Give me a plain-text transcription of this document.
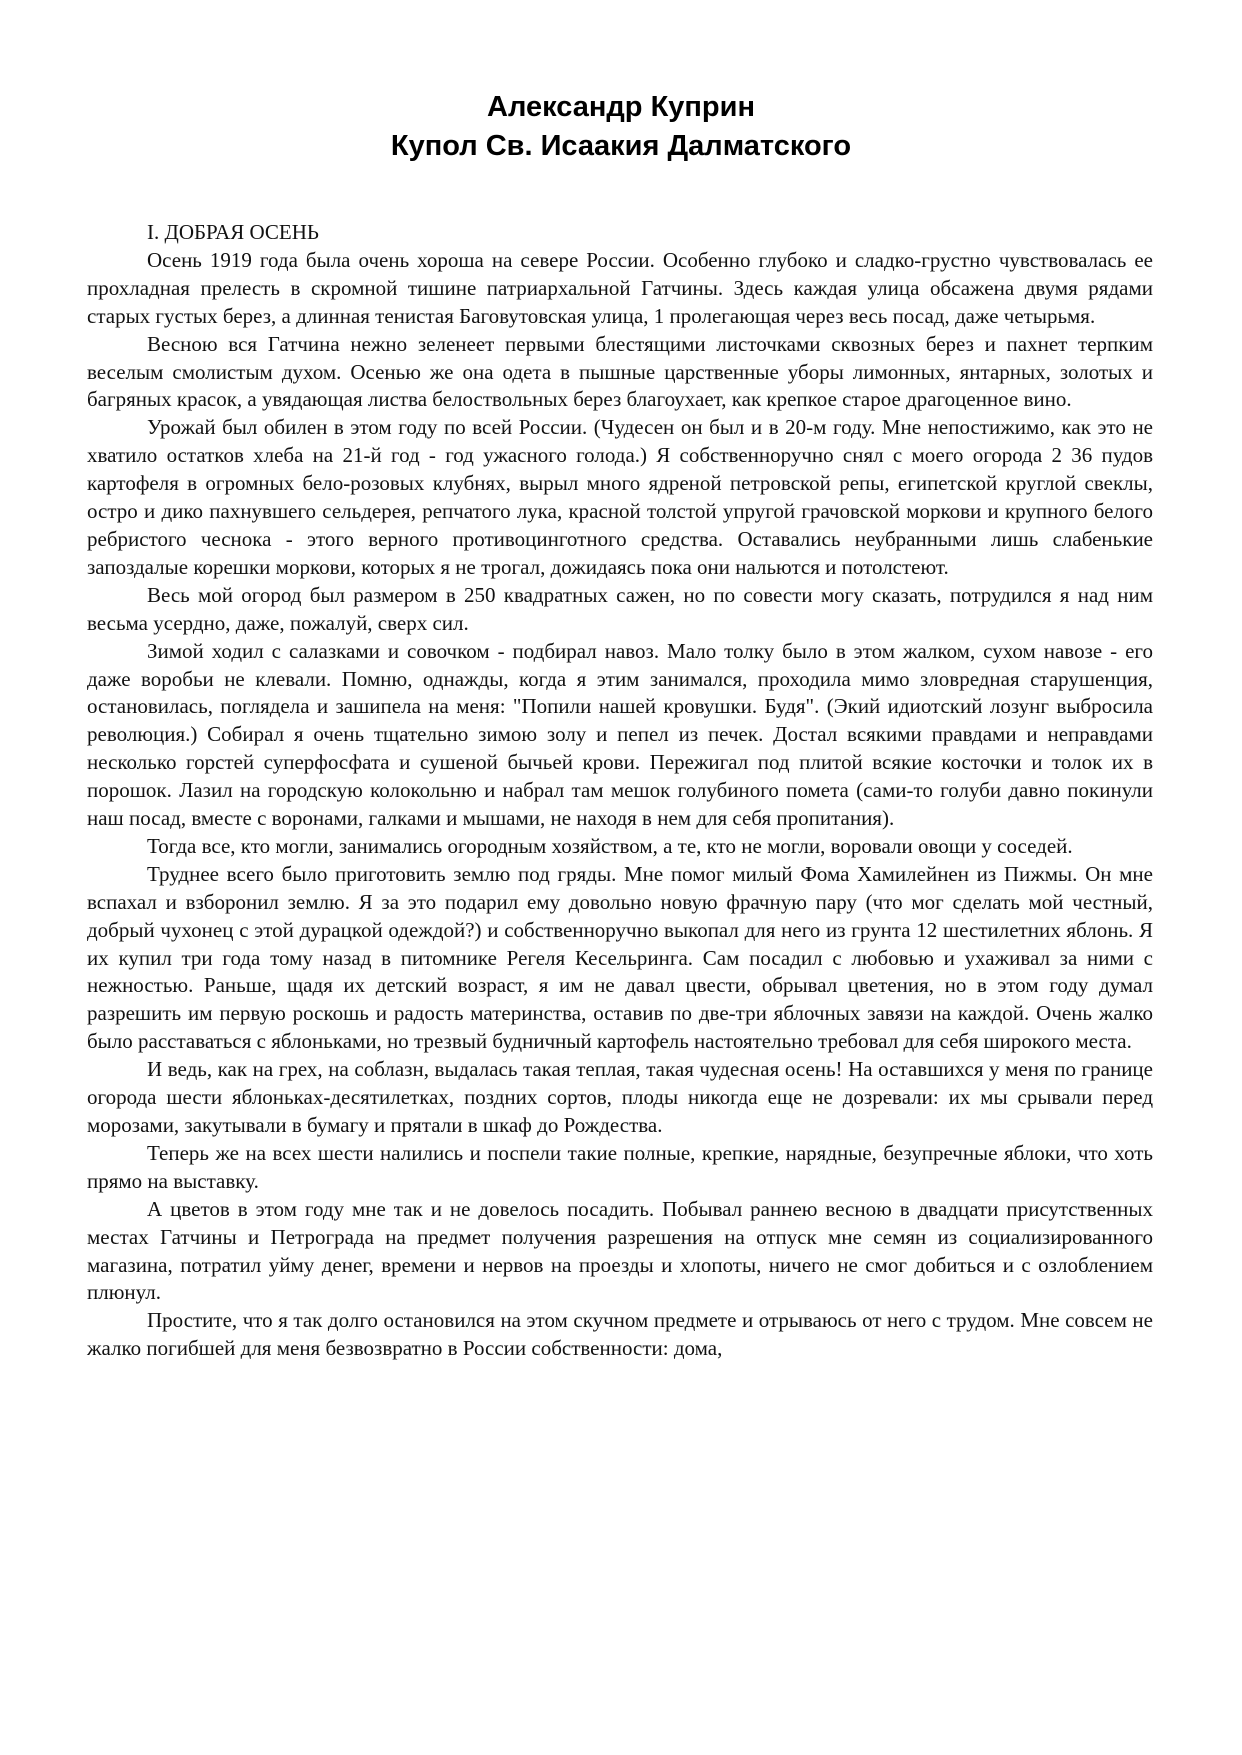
Александр Куприн
Купол Св. Исаакия Далматского

I. ДОБРАЯ ОСЕНЬ

Осень 1919 года была очень хороша на севере России. Особенно глубоко и сладко-грустно чувствовалась ее прохладная прелесть в скромной тишине патриархальной Гатчины. Здесь каждая улица обсажена двумя рядами старых густых берез, а длинная тенистая Баговутовская улица, 1 пролегающая через весь посад, даже четырьмя.

Весною вся Гатчина нежно зеленеет первыми блестящими листочками сквозных берез и пахнет терпким веселым смолистым духом. Осенью же она одета в пышные царственные уборы лимонных, янтарных, золотых и багряных красок, а увядающая листва белоствольных берез благоухает, как крепкое старое драгоценное вино.

Урожай был обилен в этом году по всей России. (Чудесен он был и в 20-м году. Мне непостижимо, как это не хватило остатков хлеба на 21-й год - год ужасного голода.) Я собственноручно снял с моего огорода 2 36 пудов картофеля в огромных бело-розовых клубнях, вырыл много ядреной петровской репы, египетской круглой свеклы, остро и дико пахнувшего сельдерея, репчатого лука, красной толстой упругой грачовской моркови и крупного белого ребристого чеснока - этого верного противоцинготного средства. Оставались неубранными лишь слабенькие запоздалые корешки моркови, которых я не трогал, дожидаясь пока они нальются и потолстеют.

Весь мой огород был размером в 250 квадратных сажен, но по совести могу сказать, потрудился я над ним весьма усердно, даже, пожалуй, сверх сил.

Зимой ходил с салазками и совочком - подбирал навоз. Мало толку было в этом жалком, сухом навозе - его даже воробьи не клевали. Помню, однажды, когда я этим занимался, проходила мимо зловредная старушенция, остановилась, поглядела и зашипела на меня: "Попили нашей кровушки. Будя". (Экий идиотский лозунг выбросила революция.) Собирал я очень тщательно зимою золу и пепел из печек. Достал всякими правдами и неправдами несколько горстей суперфосфата и сушеной бычьей крови. Пережигал под плитой всякие косточки и толок их в порошок. Лазил на городскую колокольню и набрал там мешок голубиного помета (сами-то голуби давно покинули наш посад, вместе с воронами, галками и мышами, не находя в нем для себя пропитания).

Тогда все, кто могли, занимались огородным хозяйством, а те, кто не могли, воровали овощи у соседей.

Труднее всего было приготовить землю под гряды. Мне помог милый Фома Хамилейнен из Пижмы. Он мне вспахал и взборонил землю. Я за это подарил ему довольно новую фрачную пару (что мог сделать мой честный, добрый чухонец с этой дурацкой одеждой?) и собственноручно выкопал для него из грунта 12 шестилетних яблонь. Я их купил три года тому назад в питомнике Регеля Кесельринга. Сам посадил с любовью и ухаживал за ними с нежностью. Раньше, щадя их детский возраст, я им не давал цвести, обрывал цветения, но в этом году думал разрешить им первую роскошь и радость материнства, оставив по две-три яблочных завязи на каждой. Очень жалко было расставаться с яблоньками, но трезвый будничный картофель настоятельно требовал для себя широкого места.

И ведь, как на грех, на соблазн, выдалась такая теплая, такая чудесная осень! На оставшихся у меня по границе огорода шести яблоньках-десятилетках, поздних сортов, плоды никогда еще не дозревали: их мы срывали перед морозами, закутывали в бумагу и прятали в шкаф до Рождества.

Теперь же на всех шести налились и поспели такие полные, крепкие, нарядные, безупречные яблоки, что хоть прямо на выставку.

А цветов в этом году мне так и не довелось посадить. Побывал раннею весною в двадцати присутственных местах Гатчины и Петрограда на предмет получения разрешения на отпуск мне семян из социализированного магазина, потратил уйму денег, времени и нервов на проезды и хлопоты, ничего не смог добиться и с озлоблением плюнул.

Простите, что я так долго остановился на этом скучном предмете и отрываюсь от него с трудом. Мне совсем не жалко погибшей для меня безвозвратно в России собственности: дома,
